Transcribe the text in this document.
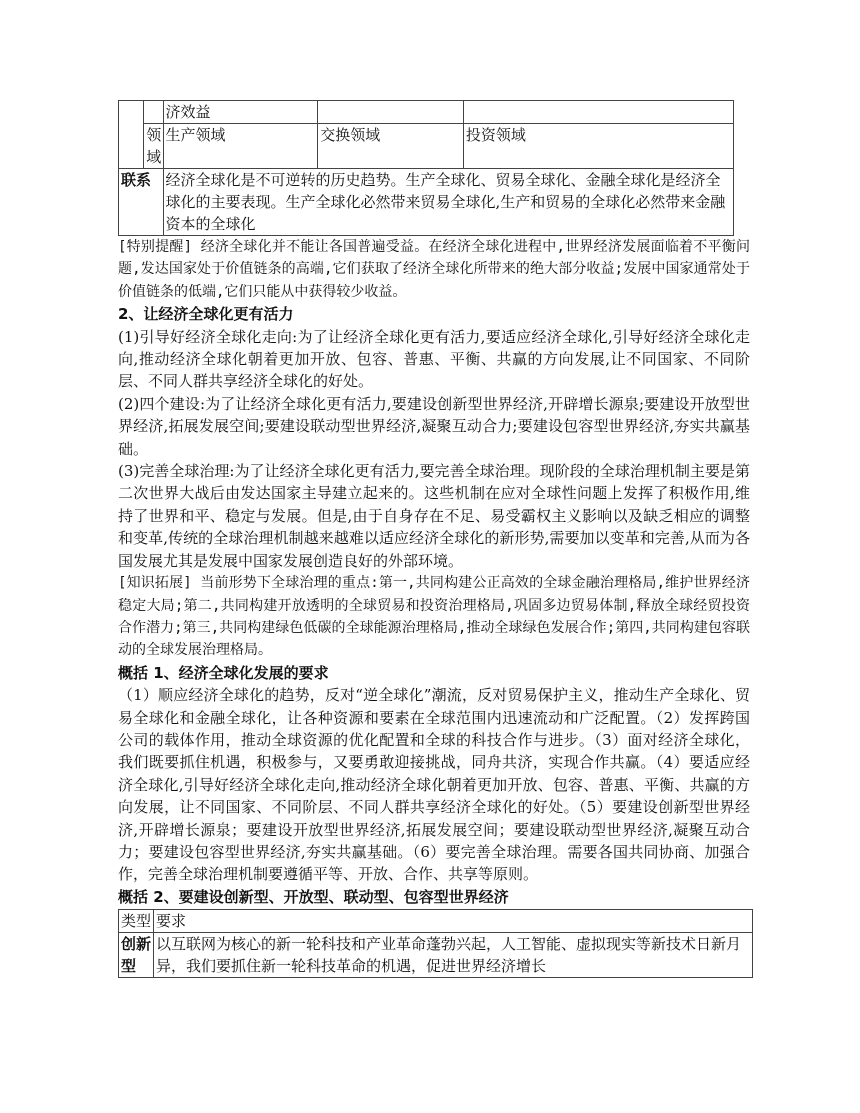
		济效益		
	领域	生产领域	交换领域	投资领域
联系		经济全球化是不可逆转的历史趋势。生产全球化、贸易全球化、金融全球化是经济全球化的主要表现。生产全球化必然带来贸易全球化,生产和贸易的全球化必然带来金融资本的全球化		

[特别提醒] 经济全球化并不能让各国普遍受益。在经济全球化进程中,世界经济发展面临着不平衡问题,发达国家处于价值链条的高端,它们获取了经济全球化所带来的绝大部分收益;发展中国家通常处于价值链条的低端,它们只能从中获得较少收益。

2、让经济全球化更有活力

(1)引导好经济全球化走向:为了让经济全球化更有活力,要适应经济全球化,引导好经济全球化走向,推动经济全球化朝着更加开放、包容、普惠、平衡、共赢的方向发展,让不同国家、不同阶层、不同人群共享经济全球化的好处。

(2)四个建设:为了让经济全球化更有活力,要建设创新型世界经济,开辟增长源泉;要建设开放型世界经济,拓展发展空间;要建设联动型世界经济,凝聚互动合力;要建设包容型世界经济,夯实共赢基础。

(3)完善全球治理:为了让经济全球化更有活力,要完善全球治理。现阶段的全球治理机制主要是第二次世界大战后由发达国家主导建立起来的。这些机制在应对全球性问题上发挥了积极作用,维持了世界和平、稳定与发展。但是,由于自身存在不足、易受霸权主义影响以及缺乏相应的调整和变革,传统的全球治理机制越来越难以适应经济全球化的新形势,需要加以变革和完善,从而为各国发展尤其是发展中国家发展创造良好的外部环境。

[知识拓展] 当前形势下全球治理的重点:第一,共同构建公正高效的全球金融治理格局,维护世界经济稳定大局;第二,共同构建开放透明的全球贸易和投资治理格局,巩固多边贸易体制,释放全球经贸投资合作潜力;第三,共同构建绿色低碳的全球能源治理格局,推动全球绿色发展合作;第四,共同构建包容联动的全球发展治理格局。

概括 1、经济全球化发展的要求

（1）顺应经济全球化的趋势，反对“逆全球化”潮流，反对贸易保护主义，推动生产全球化、贸易全球化和金融全球化，让各种资源和要素在全球范围内迅速流动和广泛配置。（2）发挥跨国公司的载体作用，推动全球资源的优化配置和全球的科技合作与进步。（3）面对经济全球化，我们既要抓住机遇，积极参与，又要勇敢迎接挑战，同舟共济，实现合作共赢。（4）要适应经济全球化,引导好经济全球化走向,推动经济全球化朝着更加开放、包容、普惠、平衡、共赢的方向发展，让不同国家、不同阶层、不同人群共享经济全球化的好处。（5）要建设创新型世界经济,开辟增长源泉；要建设开放型世界经济,拓展发展空间；要建设联动型世界经济,凝聚互动合力；要建设包容型世界经济,夯实共赢基础。（6）要完善全球治理。需要各国共同协商、加强合作，完善全球治理机制要遵循平等、开放、合作、共享等原则。

概括 2、要建设创新型、开放型、联动型、包容型世界经济
类型	要求
创新型	以互联网为核心的新一轮科技和产业革命蓬勃兴起，人工智能、虚拟现实等新技术日新月异，我们要抓住新一轮科技革命的机遇，促进世界经济增长
